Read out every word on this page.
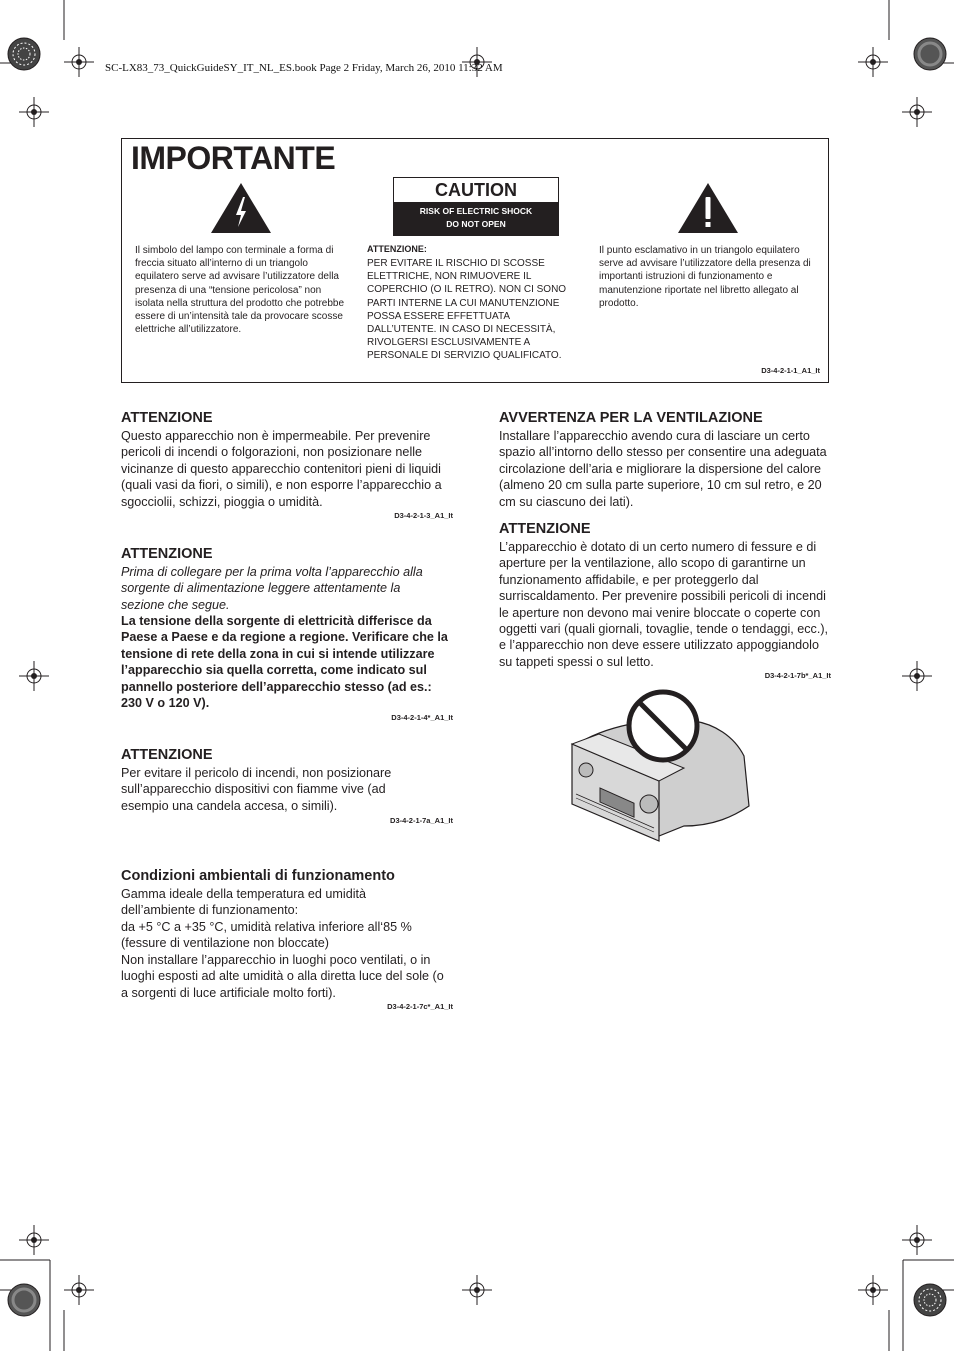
SC-LX83_73_QuickGuideSY_IT_NL_ES.book Page 2 Friday, March 26, 2010 11:32 AM
IMPORTANTE
CAUTION
RISK OF ELECTRIC SHOCK
DO NOT OPEN
Il simbolo del lampo con terminale a forma di freccia situato all’interno di un triangolo equilatero serve ad avvisare l’utilizzatore della presenza di una “tensione pericolosa” non isolata nella struttura del prodotto che potrebbe essere di un’intensità tale da provocare scosse elettriche all’utilizzatore.
ATTENZIONE:
PER EVITARE IL RISCHIO DI SCOSSE ELETTRICHE, NON RIMUOVERE IL COPERCHIO (O IL RETRO). NON CI SONO PARTI INTERNE LA CUI MANUTENZIONE POSSA ESSERE EFFETTUATA DALL’UTENTE. IN CASO DI NECESSITÀ, RIVOLGERSI ESCLUSIVAMENTE A PERSONALE DI SERVIZIO QUALIFICATO.
Il punto esclamativo in un triangolo equilatero serve ad avvisare l’utilizzatore della presenza di importanti istruzioni di funzionamento e manutenzione riportate nel libretto allegato al prodotto.
D3-4-2-1-1_A1_It
ATTENZIONE
Questo apparecchio non è impermeabile. Per prevenire pericoli di incendi o folgorazioni, non posizionare nelle vicinanze di questo apparecchio contenitori pieni di liquidi (quali vasi da fiori, o simili), e non esporre l’apparecchio a sgocciolii, schizzi, pioggia o umidità.
D3-4-2-1-3_A1_It
ATTENZIONE
Prima di collegare per la prima volta l’apparecchio alla sorgente di alimentazione leggere attentamente la sezione che segue.
La tensione della sorgente di elettricità differisce da Paese a Paese e da regione a regione. Verificare che la tensione di rete della zona in cui si intende utilizzare l’apparecchio sia quella corretta, come indicato sul pannello posteriore dell’apparecchio stesso (ad es.: 230 V o 120 V).
D3-4-2-1-4*_A1_It
ATTENZIONE
Per evitare il pericolo di incendi, non posizionare sull’apparecchio dispositivi con fiamme vive (ad esempio una candela accesa, o simili).
D3-4-2-1-7a_A1_It
Condizioni ambientali di funzionamento
Gamma ideale della temperatura ed umidità dell’ambiente di funzionamento:
da +5 °C a +35 °C, umidità relativa inferiore all‘85 % (fessure di ventilazione non bloccate)
Non installare l’apparecchio in luoghi poco ventilati, o in luoghi esposti ad alte umidità o alla diretta luce del sole (o a sorgenti di luce artificiale molto forti).
D3-4-2-1-7c*_A1_It
AVVERTENZA PER LA VENTILAZIONE
Installare l’apparecchio avendo cura di lasciare un certo spazio all’intorno dello stesso per consentire una adeguata circolazione dell’aria e migliorare la dispersione del calore (almeno 20 cm sulla parte superiore, 10 cm sul retro, e 20 cm su ciascuno dei lati).
ATTENZIONE
L’apparecchio è dotato di un certo numero di fessure e di aperture per la ventilazione, allo scopo di garantirne un funzionamento affidabile, e per proteggerlo dal surriscaldamento. Per prevenire possibili pericoli di incendi le aperture non devono mai venire bloccate o coperte con oggetti vari (quali giornali, tovaglie, tende o tendaggi, ecc.), e l’apparecchio non deve essere utilizzato appoggiandolo su tappeti spessi o sul letto.
D3-4-2-1-7b*_A1_It
